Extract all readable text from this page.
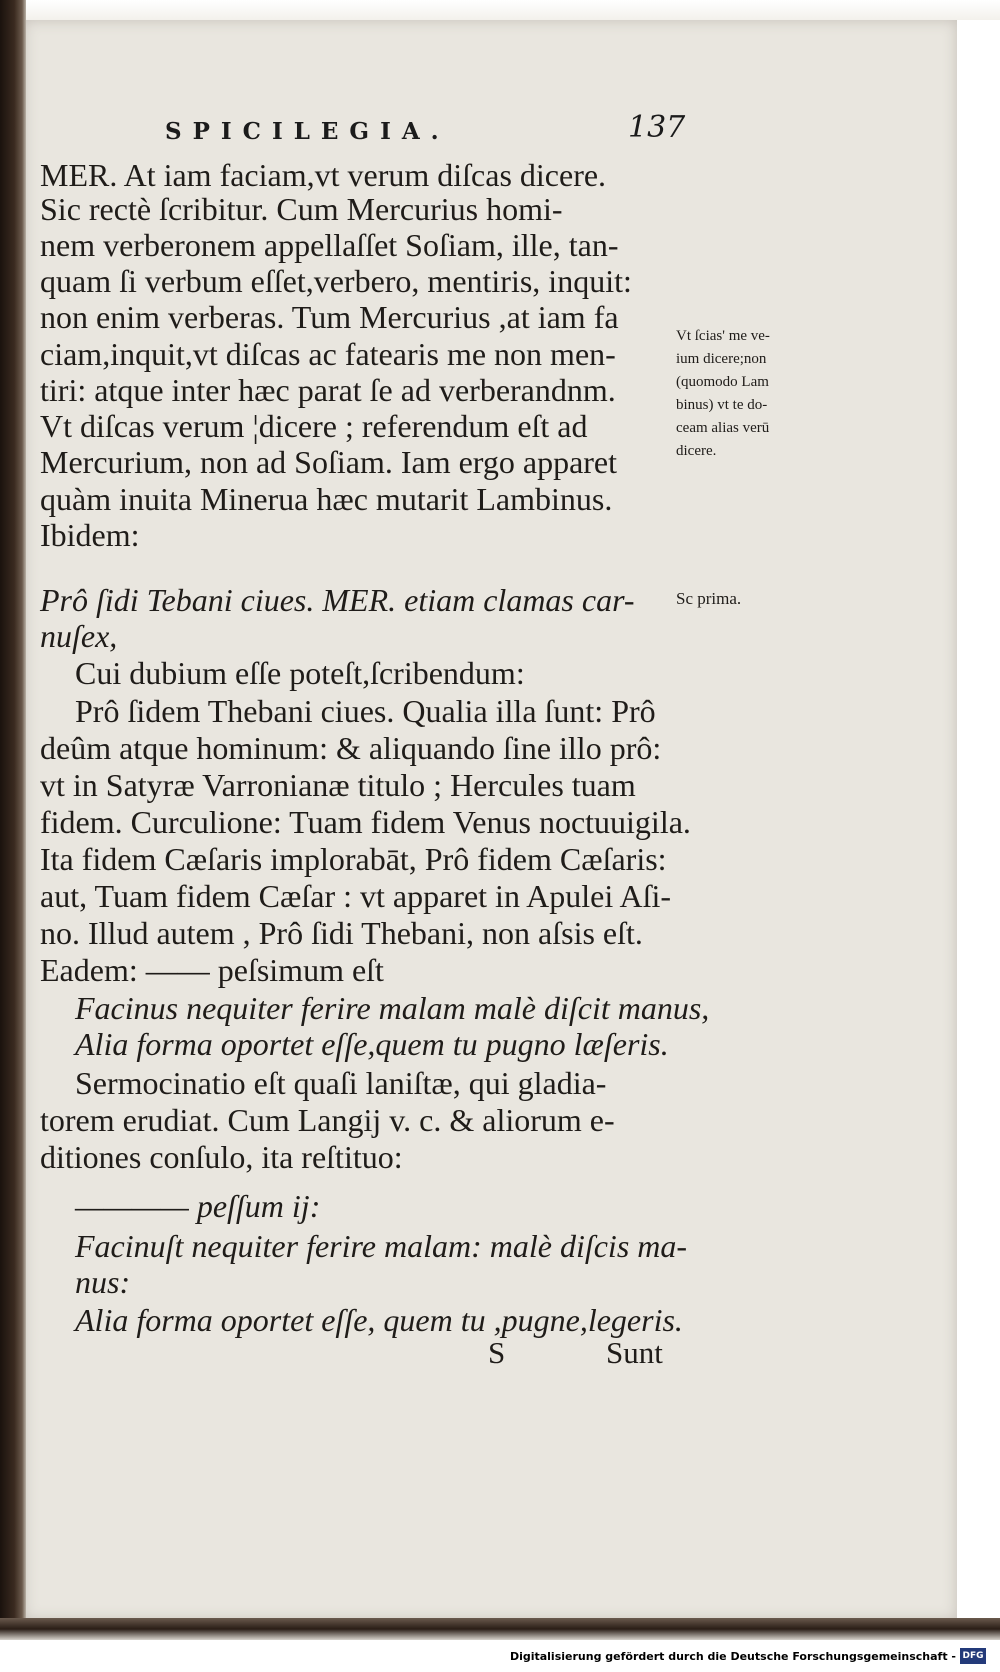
SPICILEGIA.	137
MER. At iam faciam,vt verum diſcas dicere.
Sic rectè ſcribitur. Cum Mercurius homi-
nem verberonem appellaſſet Soſiam, ille, tan-
quam ſi verbum eſſet,verbero, mentiris, inquit:
non enim verberas. Tum Mercurius ,at iam fa
ciam,inquit,vt diſcas ac fatearis me non men-
tiri: atque inter hæc parat ſe ad verberandnm.
Vt diſcas verum ¦dicere ; referendum eſt ad
Mercurium, non ad Soſiam. Iam ergo apparet
quàm inuita Minerua hæc mutarit Lambinus.
Ibidem:
Prô ſidi Tebani ciues. MER. etiam clamas car-
nuſex,
Cui dubium eſſe poteſt,ſcribendum:
Prô ſidem Thebani ciues. Qualia illa ſunt: Prô
deûm atque hominum: & aliquando ſine illo prô:
vt in Satyræ Varronianæ titulo ; Hercules tuam
fidem. Curculione: Tuam fidem Venus noctuuigila.
Ita fidem Cæſaris implorabāt, Prô fidem Cæſaris:
aut, Tuam fidem Cæſar : vt apparet in Apulei Aſi-
no. Illud autem , Prô ſidi Thebani, non aſsis eſt.
Eadem: —— peſsimum eſt
Facinus nequiter ferire malam malè diſcit manus,
Alia forma oportet eſſe,quem tu pugno læſeris.
Sermocinatio eſt quaſi laniſtæ, qui gladia-
torem erudiat. Cum Langij v. c. & aliorum e-
ditiones conſulo, ita reſtituo:
———— peſſum ij:
Facinuſt nequiter ferire malam: malè diſcis ma-
nus:
Alia forma oportet eſſe, quem tu ,pugne,legeris.
S	Sunt
Vt ſcias' me ve-
ium dicere;non
(quomodo Lam
binus) vt te do-
ceam alias verū
dicere.
Sc prima.
Digitalisierung gefördert durch die Deutsche Forschungsgemeinschaft - DFG
